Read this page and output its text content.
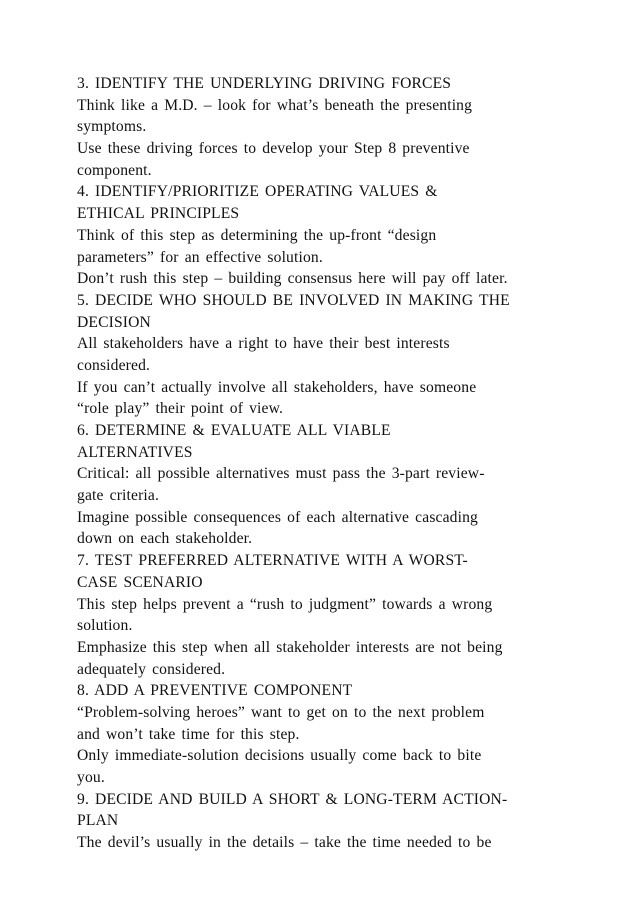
3. IDENTIFY THE UNDERLYING DRIVING FORCES
Think like a M.D. – look for what’s beneath the presenting
symptoms.
Use these driving forces to develop your Step 8 preventive
component.
4. IDENTIFY/PRIORITIZE OPERATING VALUES &
ETHICAL PRINCIPLES
Think of this step as determining the up-front “design
parameters” for an effective solution.
Don’t rush this step – building consensus here will pay off later.
5. DECIDE WHO SHOULD BE INVOLVED IN MAKING THE
DECISION
All stakeholders have a right to have their best interests
considered.
If you can’t actually involve all stakeholders, have someone
“role play” their point of view.
6. DETERMINE & EVALUATE ALL VIABLE
ALTERNATIVES
Critical: all possible alternatives must pass the 3-part review-
gate criteria.
Imagine possible consequences of each alternative cascading
down on each stakeholder.
7. TEST PREFERRED ALTERNATIVE WITH A WORST-
CASE SCENARIO
This step helps prevent a “rush to judgment” towards a wrong
solution.
Emphasize this step when all stakeholder interests are not being
adequately considered.
8. ADD A PREVENTIVE COMPONENT
“Problem-solving heroes” want to get on to the next problem
and won’t take time for this step.
Only immediate-solution decisions usually come back to bite
you.
9. DECIDE AND BUILD A SHORT & LONG-TERM ACTION-
PLAN
The devil’s usually in the details – take the time needed to be
